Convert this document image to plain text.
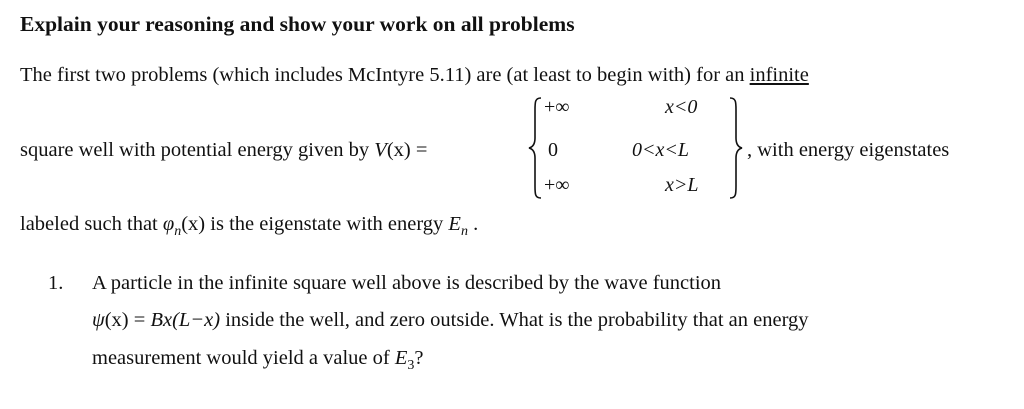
Explain your reasoning and show your work on all problems
The first two problems (which includes McIntyre 5.11) are (at least to begin with) for an infinite
square well with potential energy given by V(x) =
+∞
0
+∞
x<0
0<x<L
x>L
, with energy eigenstates
labeled such that $\varphi_n(x)$ is the eigenstate with energy $E_n$ .
1. A particle in the infinite square well above is described by the wave function
ψ(x) = Bx(L−x) inside the well, and zero outside. What is the probability that an energy
measurement would yield a value of $E_3$?
